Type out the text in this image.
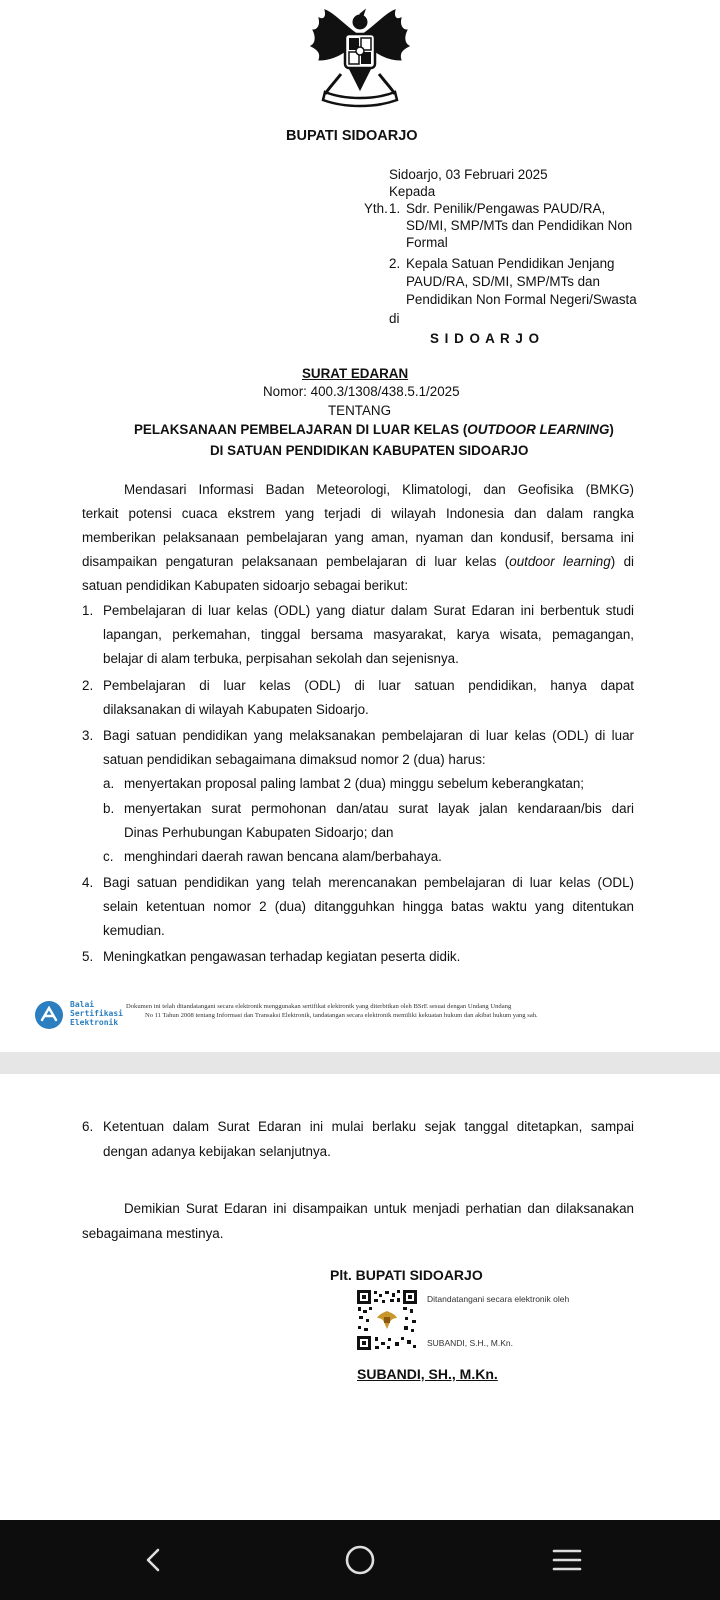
BUPATI SIDOARJO
Sidoarjo, 03 Februari 2025
Kepada
Yth. 1. Sdr. Penilik/Pengawas PAUD/RA,
SD/MI, SMP/MTs dan Pendidikan Non
Formal
2. Kepala Satuan Pendidikan Jenjang
PAUD/RA, SD/MI, SMP/MTs dan
Pendidikan Non Formal Negeri/Swasta
di
S I D O A R J O
SURAT EDARAN
Nomor: 400.3/1308/438.5.1/2025
TENTANG
PELAKSANAAN PEMBELAJARAN DI LUAR KELAS (OUTDOOR LEARNING)
DI SATUAN PENDIDIKAN KABUPATEN SIDOARJO
Mendasari Informasi Badan Meteorologi, Klimatologi, dan Geofisika (BMKG)
terkait potensi cuaca ekstrem yang terjadi di wilayah Indonesia dan dalam rangka
memberikan pelaksanaan pembelajaran yang aman, nyaman dan kondusif, bersama ini
disampaikan pengaturan pelaksanaan pembelajaran di luar kelas (outdoor learning) di
satuan pendidikan Kabupaten sidoarjo sebagai berikut:
1. Pembelajaran di luar kelas (ODL) yang diatur dalam Surat Edaran ini berbentuk studi
lapangan, perkemahan, tinggal bersama masyarakat, karya wisata, pemagangan,
belajar di alam terbuka, perpisahan sekolah dan sejenisnya.
2. Pembelajaran di luar kelas (ODL) di luar satuan pendidikan, hanya dapat
dilaksanakan di wilayah Kabupaten Sidoarjo.
3. Bagi satuan pendidikan yang melaksanakan pembelajaran di luar kelas (ODL) di luar
satuan pendidikan sebagaimana dimaksud nomor 2 (dua) harus:
a. menyertakan proposal paling lambat 2 (dua) minggu sebelum keberangkatan;
b. menyertakan surat permohonan dan/atau surat layak jalan kendaraan/bis dari
Dinas Perhubungan Kabupaten Sidoarjo; dan
c. menghindari daerah rawan bencana alam/berbahaya.
4. Bagi satuan pendidikan yang telah merencanakan pembelajaran di luar kelas (ODL)
selain ketentuan nomor 2 (dua) ditangguhkan hingga batas waktu yang ditentukan
kemudian.
5. Meningkatkan pengawasan terhadap kegiatan peserta didik.
Balai
Sertifikasi
Elektronik
Dokumen ini telah ditandatangani secara elektronik menggunakan sertifikat elektronik yang diterbitkan oleh BSrE sesuai dengan Undang Undang
No 11 Tahun 2008 tentang Informasi dan Transaksi Elektronik, tandatangan secara elektronik memiliki kekuatan hukum dan akibat hukum yang sah.
6. Ketentuan dalam Surat Edaran ini mulai berlaku sejak tanggal ditetapkan, sampai
dengan adanya kebijakan selanjutnya.
Demikian Surat Edaran ini disampaikan untuk menjadi perhatian dan dilaksanakan
sebagaimana mestinya.
Plt. BUPATI SIDOARJO
Ditandatangani secara elektronik oleh
SUBANDI, S.H., M.Kn.
SUBANDI, SH., M.Kn.
